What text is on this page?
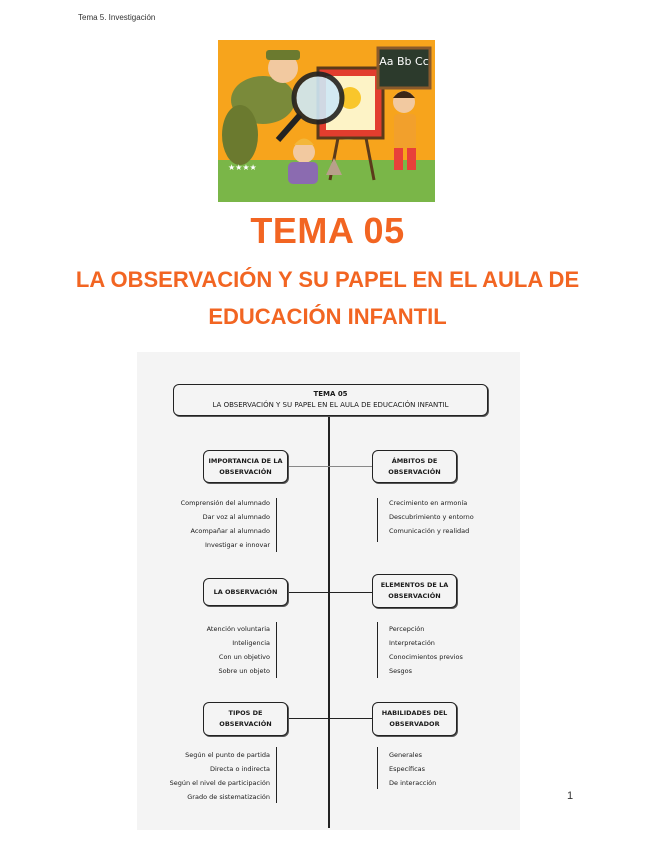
Tema 5. Investigación
Aa Bb Cc
★★★★
TEMA 05
LA OBSERVACIÓN Y SU PAPEL EN EL AULA DE
EDUCACIÓN INFANTIL
TEMA 05
LA OBSERVACIÓN Y SU PAPEL EN EL AULA DE EDUCACIÓN INFANTIL
IMPORTANCIA DE LA OBSERVACIÓN
ÁMBITOS DE OBSERVACIÓN
Comprensión del alumnado
Dar voz al alumnado
Acompañar al alumnado
Investigar e innovar
Crecimiento en armonía
Descubrimiento y entorno
Comunicación y realidad
LA OBSERVACIÓN
ELEMENTOS DE LA OBSERVACIÓN
Atención voluntaria
Inteligencia
Con un objetivo
Sobre un objeto
Percepción
Interpretación
Conocimientos previos
Sesgos
TIPOS DE OBSERVACIÓN
HABILIDADES DEL OBSERVADOR
Según el punto de partida
Directa o indirecta
Según el nivel de participación
Grado de sistematización
Generales
Específicas
De interacción
1
